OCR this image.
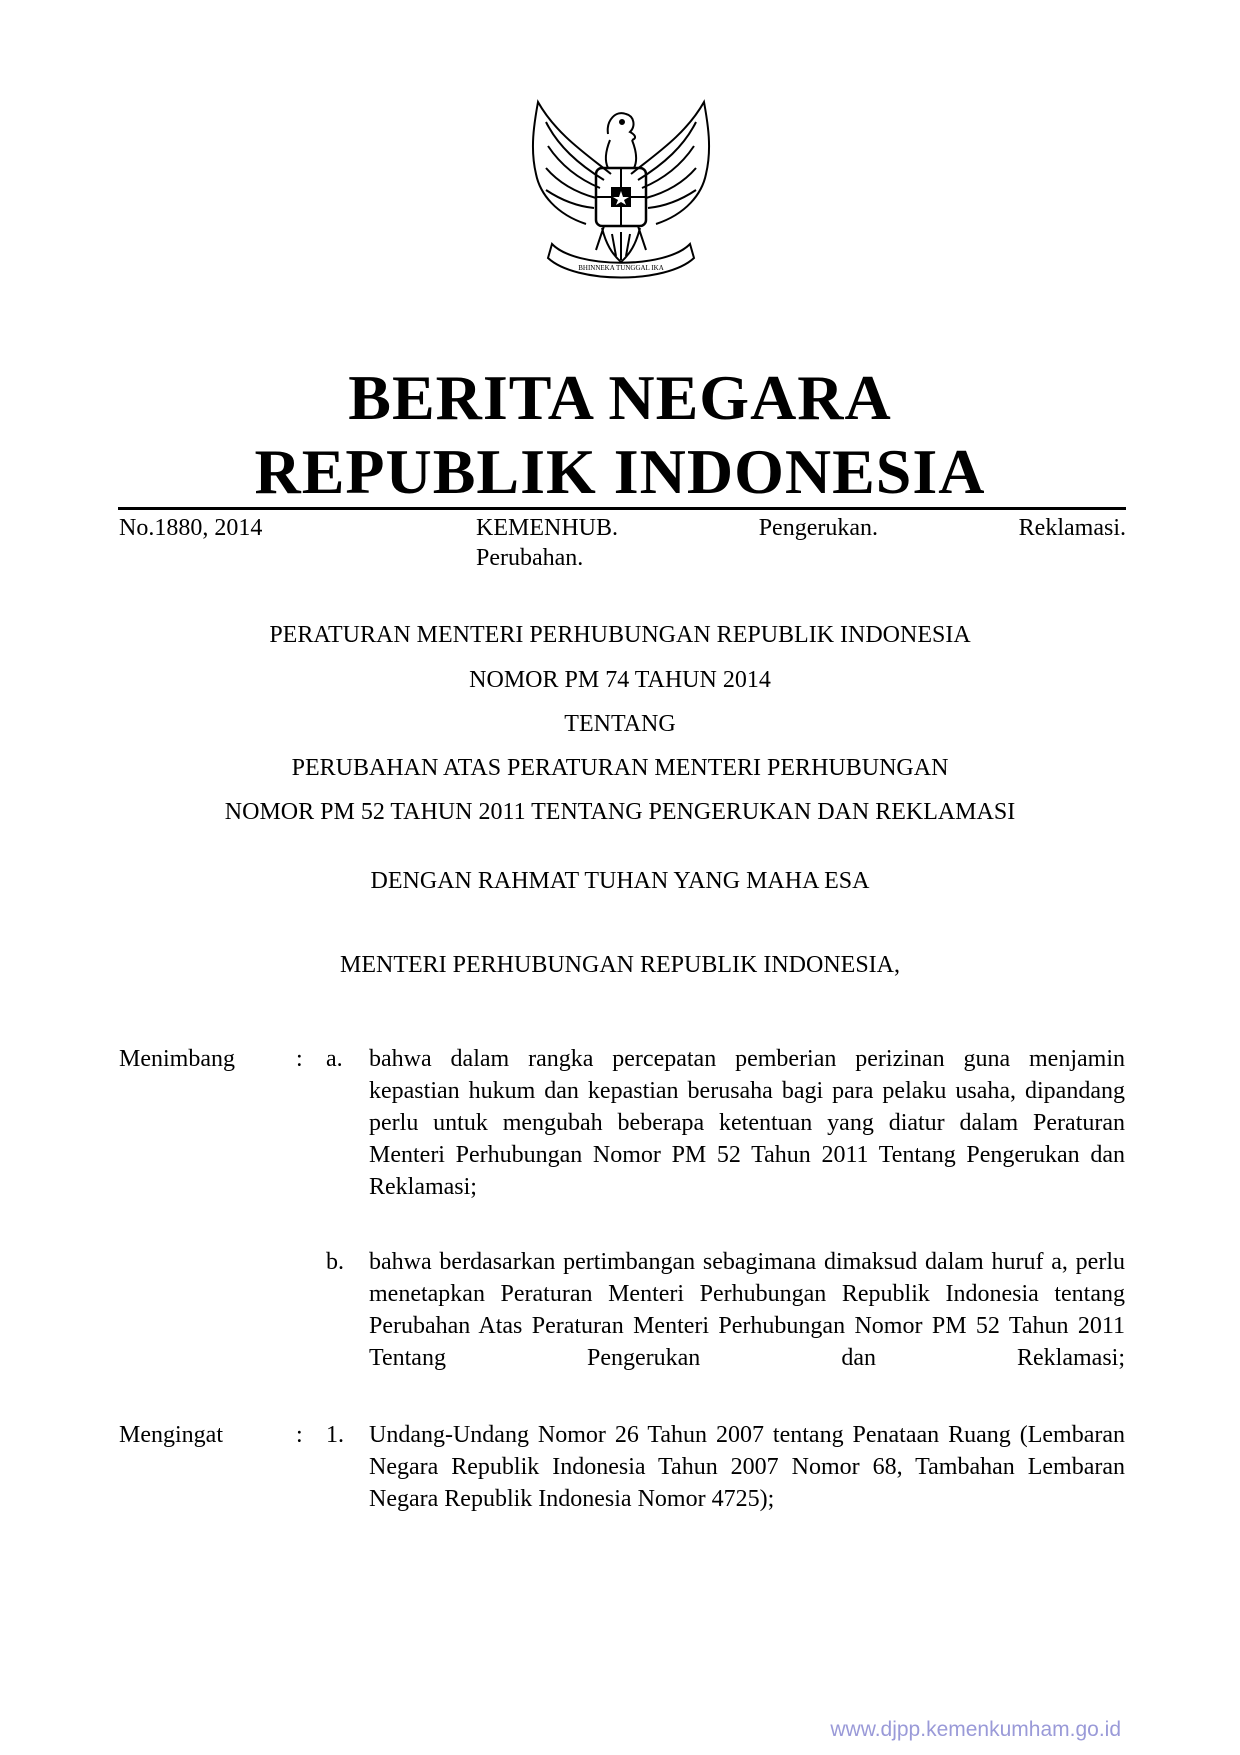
BHINNEKA TUNGGAL IKA
BERITA NEGARA
REPUBLIK INDONESIA
No.1880, 2014	KEMENHUB.	Pengerukan.	Reklamasi.
Perubahan.
PERATURAN MENTERI PERHUBUNGAN REPUBLIK INDONESIA
NOMOR PM 74 TAHUN 2014
TENTANG
PERUBAHAN ATAS PERATURAN MENTERI PERHUBUNGAN
NOMOR PM 52 TAHUN 2011 TENTANG PENGERUKAN DAN REKLAMASI
DENGAN RAHMAT TUHAN YANG MAHA ESA
MENTERI PERHUBUNGAN REPUBLIK INDONESIA,
Menimbang	: a. bahwa dalam rangka percepatan pemberian perizinan guna menjamin kepastian hukum dan kepastian berusaha bagi para pelaku usaha, dipandang perlu untuk mengubah beberapa ketentuan yang diatur dalam Peraturan Menteri Perhubungan Nomor PM 52 Tahun 2011 Tentang Pengerukan dan Reklamasi;
b. bahwa berdasarkan pertimbangan sebagimana dimaksud dalam huruf a, perlu menetapkan Peraturan Menteri Perhubungan Republik Indonesia tentang Perubahan Atas Peraturan Menteri Perhubungan Nomor PM 52 Tahun 2011 Tentang Pengerukan dan Reklamasi;
Mengingat	: 1. Undang-Undang Nomor 26 Tahun 2007 tentang Penataan Ruang (Lembaran Negara Republik Indonesia Tahun 2007 Nomor 68, Tambahan Lembaran Negara Republik Indonesia Nomor 4725);
www.djpp.kemenkumham.go.id
